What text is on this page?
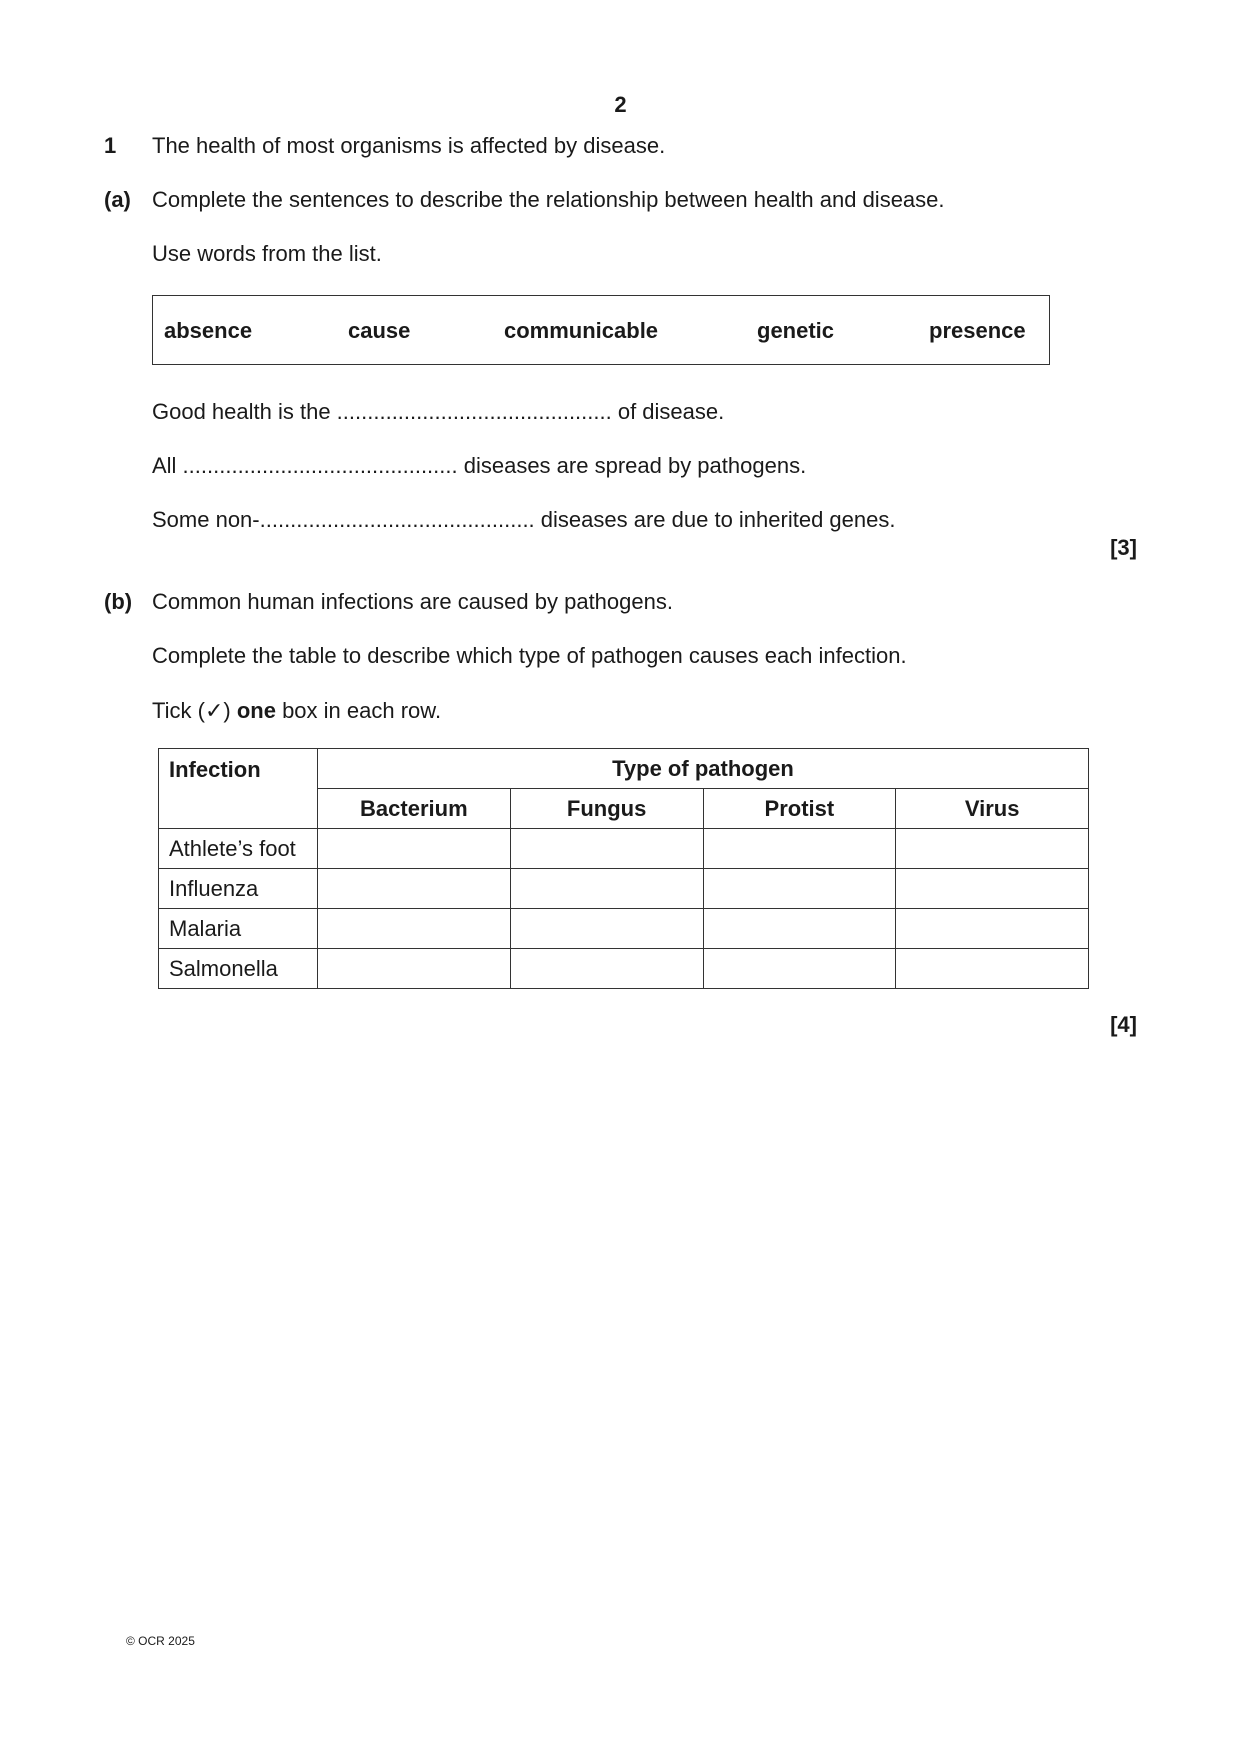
2
1 The health of most organisms is affected by disease.
(a) Complete the sentences to describe the relationship between health and disease.
Use words from the list.
absence	cause	communicable	genetic	presence
Good health is the ............................................. of disease.
All ............................................. diseases are spread by pathogens.
Some non-............................................. diseases are due to inherited genes.
[3]
(b) Common human infections are caused by pathogens.
Complete the table to describe which type of pathogen causes each infection.
Tick (✓) one box in each row.
Infection	Type of pathogen			
	Bacterium	Fungus	Protist	Virus
Athlete’s foot				
Influenza				
Malaria				
Salmonella				
[4]
© OCR 2025
